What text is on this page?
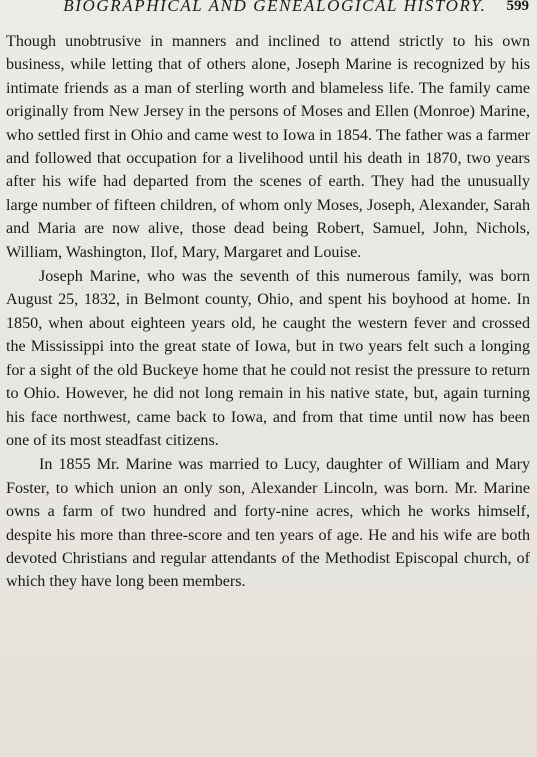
BIOGRAPHICAL AND GENEALOGICAL HISTORY. 599

Though unobtrusive in manners and inclined to attend strictly to his own business, while letting that of others alone, Joseph Marine is recognized by his intimate friends as a man of sterling worth and blameless life. The family came originally from New Jersey in the persons of Moses and Ellen (Monroe) Marine, who settled first in Ohio and came west to Iowa in 1854. The father was a farmer and followed that occupation for a livelihood until his death in 1870, two years after his wife had departed from the scenes of earth. They had the unusually large number of fifteen children, of whom only Moses, Joseph, Alexander, Sarah and Maria are now alive, those dead being Robert, Samuel, John, Nichols, William, Washington, Ilof, Mary, Margaret and Louise.

Joseph Marine, who was the seventh of this numerous family, was born August 25, 1832, in Belmont county, Ohio, and spent his boyhood at home. In 1850, when about eighteen years old, he caught the western fever and crossed the Mississippi into the great state of Iowa, but in two years felt such a longing for a sight of the old Buckeye home that he could not resist the pressure to return to Ohio. However, he did not long remain in his native state, but, again turning his face northwest, came back to Iowa, and from that time until now has been one of its most steadfast citizens.

In 1855 Mr. Marine was married to Lucy, daughter of William and Mary Foster, to which union an only son, Alexander Lincoln, was born. Mr. Marine owns a farm of two hundred and forty-nine acres, which he works himself, despite his more than three-score and ten years of age. He and his wife are both devoted Christians and regular attendants of the Methodist Episcopal church, of which they have long been members.
